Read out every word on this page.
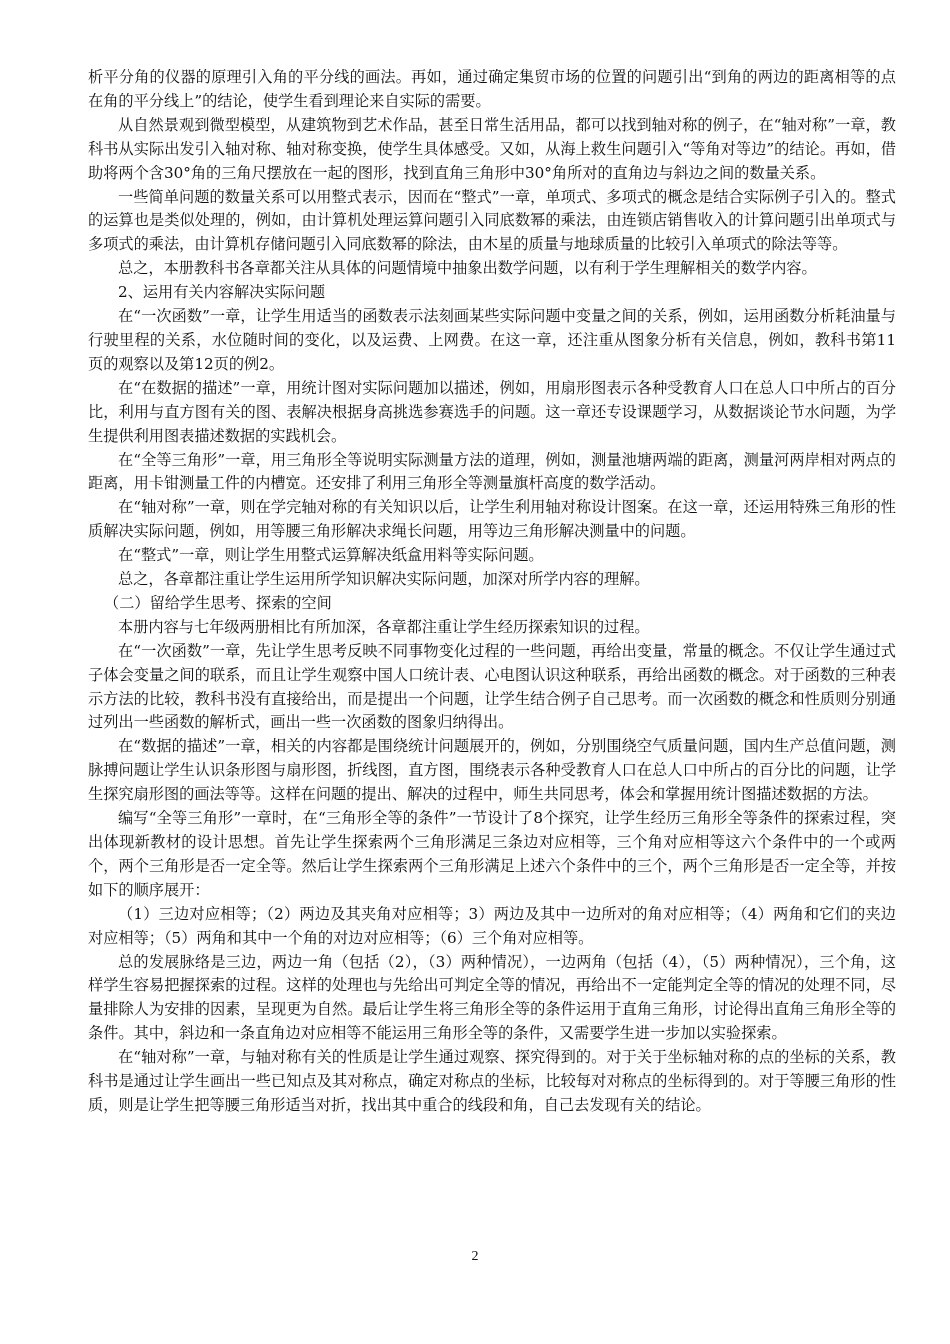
析平分角的仪器的原理引入角的平分线的画法。再如，通过确定集贸市场的位置的问题引出“到角的两边的距离相等的点在角的平分线上”的结论，使学生看到理论来自实际的需要。

从自然景观到微型模型，从建筑物到艺术作品，甚至日常生活用品，都可以找到轴对称的例子，在“轴对称”一章，教科书从实际出发引入轴对称、轴对称变换，使学生具体感受。又如，从海上救生问题引入“等角对等边”的结论。再如，借助将两个含30°角的三角尺摆放在一起的图形，找到直角三角形中30°角所对的直角边与斜边之间的数量关系。

一些简单问题的数量关系可以用整式表示，因而在“整式”一章，单项式、多项式的概念是结合实际例子引入的。整式的运算也是类似处理的，例如，由计算机处理运算问题引入同底数幂的乘法，由连锁店销售收入的计算问题引出单项式与多项式的乘法，由计算机存储问题引入同底数幂的除法，由木星的质量与地球质量的比较引入单项式的除法等等。

总之，本册教科书各章都关注从具体的问题情境中抽象出数学问题，以有利于学生理解相关的数学内容。

2、运用有关内容解决实际问题

在“一次函数”一章，让学生用适当的函数表示法刻画某些实际问题中变量之间的关系，例如，运用函数分析耗油量与行驶里程的关系，水位随时间的变化，以及运费、上网费。在这一章，还注重从图象分析有关信息，例如，教科书第11页的观察以及第12页的例2。

在“在数据的描述”一章，用统计图对实际问题加以描述，例如，用扇形图表示各种受教育人口在总人口中所占的百分比，利用与直方图有关的图、表解决根据身高挑选参赛选手的问题。这一章还专设课题学习，从数据谈论节水问题，为学生提供利用图表描述数据的实践机会。

在“全等三角形”一章，用三角形全等说明实际测量方法的道理，例如，测量池塘两端的距离，测量河两岸相对两点的距离，用卡钳测量工件的内槽宽。还安排了利用三角形全等测量旗杆高度的数学活动。

在“轴对称”一章，则在学完轴对称的有关知识以后，让学生利用轴对称设计图案。在这一章，还运用特殊三角形的性质解决实际问题，例如，用等腰三角形解决求绳长问题，用等边三角形解决测量中的问题。

在“整式”一章，则让学生用整式运算解决纸盒用料等实际问题。

总之，各章都注重让学生运用所学知识解决实际问题，加深对所学内容的理解。

（二）留给学生思考、探索的空间

本册内容与七年级两册相比有所加深，各章都注重让学生经历探索知识的过程。

在“一次函数”一章，先让学生思考反映不同事物变化过程的一些问题，再给出变量，常量的概念。不仅让学生通过式子体会变量之间的联系，而且让学生观察中国人口统计表、心电图认识这种联系，再给出函数的概念。对于函数的三种表示方法的比较，教科书没有直接给出，而是提出一个问题，让学生结合例子自己思考。而一次函数的概念和性质则分别通过列出一些函数的解析式，画出一些一次函数的图象归纳得出。

在“数据的描述”一章，相关的内容都是围绕统计问题展开的，例如，分别围绕空气质量问题，国内生产总值问题，测脉搏问题让学生认识条形图与扇形图，折线图，直方图，围绕表示各种受教育人口在总人口中所占的百分比的问题，让学生探究扇形图的画法等等。这样在问题的提出、解决的过程中，师生共同思考，体会和掌握用统计图描述数据的方法。

编写“全等三角形”一章时，在“三角形全等的条件”一节设计了8个探究，让学生经历三角形全等条件的探索过程，突出体现新教材的设计思想。首先让学生探索两个三角形满足三条边对应相等，三个角对应相等这六个条件中的一个或两个，两个三角形是否一定全等。然后让学生探索两个三角形满足上述六个条件中的三个，两个三角形是否一定全等，并按如下的顺序展开：

（1）三边对应相等；（2）两边及其夹角对应相等；3）两边及其中一边所对的角对应相等；（4）两角和它们的夹边对应相等；（5）两角和其中一个角的对边对应相等；（6）三个角对应相等。

总的发展脉络是三边，两边一角（包括（2），（3）两种情况），一边两角（包括（4），（5）两种情况），三个角，这样学生容易把握探索的过程。这样的处理也与先给出可判定全等的情况，再给出不一定能判定全等的情况的处理不同，尽量排除人为安排的因素，呈现更为自然。最后让学生将三角形全等的条件运用于直角三角形，讨论得出直角三角形全等的条件。其中，斜边和一条直角边对应相等不能运用三角形全等的条件，又需要学生进一步加以实验探索。

在“轴对称”一章，与轴对称有关的性质是让学生通过观察、探究得到的。对于关于坐标轴对称的点的坐标的关系，教科书是通过让学生画出一些已知点及其对称点，确定对称点的坐标，比较每对对称点的坐标得到的。对于等腰三角形的性质，则是让学生把等腰三角形适当对折，找出其中重合的线段和角，自己去发现有关的结论。

2
